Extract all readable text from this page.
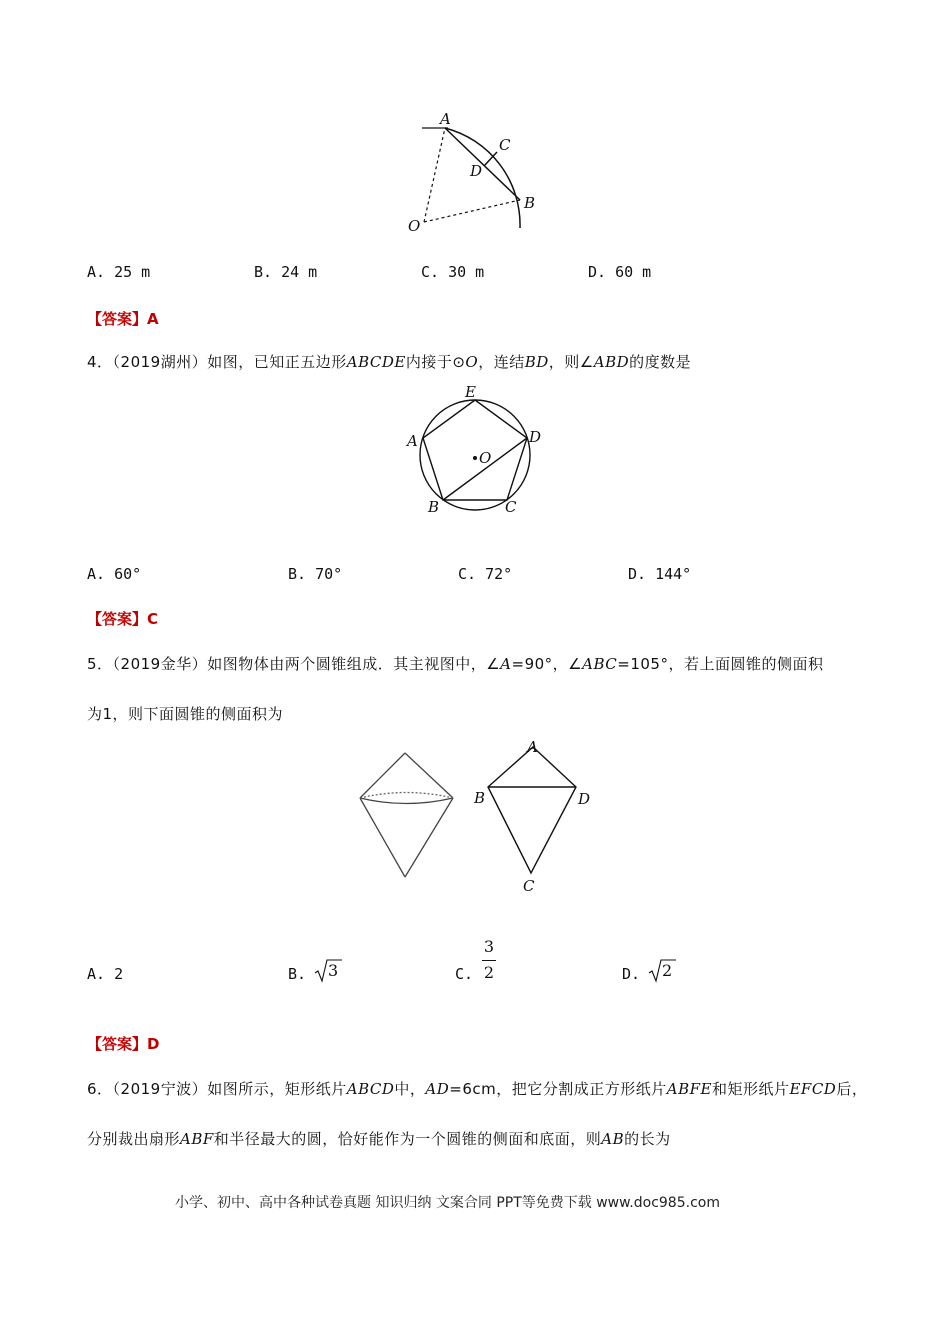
A
C
D
B
O
A. 25 m	B. 24 m	C. 30 m	D. 60 m
【答案】A
4．（2019湖州）如图，已知正五边形ABCDE内接于⊙O，连结BD，则∠ABD的度数是
O
E
D
A
B	C
A. 60°	B. 70°	C. 72°	D. 144°
【答案】C
5．（2019金华）如图物体由两个圆锥组成．其主视图中，∠A=90°，∠ABC=105°，若上面圆锥的侧面积
为1，则下面圆锥的侧面积为
A
B	D
C
A. 2	B. 3	C.
3
2	D. 2
【答案】D
6．（2019宁波）如图所示，矩形纸片ABCD中，AD=6cm，把它分割成正方形纸片ABFE和矩形纸片EFCD后，
分别裁出扇形ABF和半径最大的圆，恰好能作为一个圆锥的侧面和底面，则AB的长为
小学、初中、高中各种试卷真题 知识归纳 文案合同 PPT等免费下载 www.doc985.com
